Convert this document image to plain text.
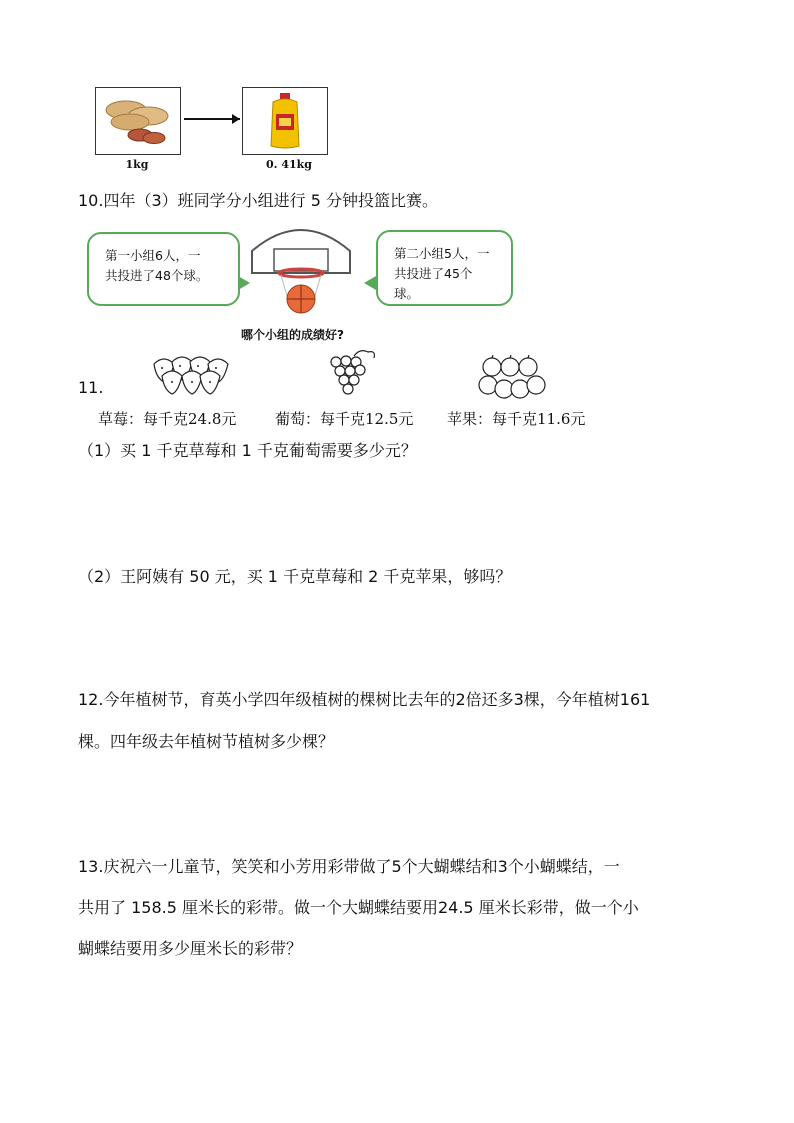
1kg	0. 41kg
10.四年（3）班同学分小组进行 5 分钟投篮比赛。
第一小组6人，一
共投进了48个球。
第二小组5人，一
共投进了45个球。
哪个小组的成绩好?
11.
草莓：每千克24.8元	葡萄：每千克12.5元 苹果：每千克11.6元
（1）买 1 千克草莓和 1 千克葡萄需要多少元？
（2）王阿姨有 50 元，买 1 千克草莓和 2 千克苹果，够吗？
12.今年植树节，育英小学四年级植树的棵树比去年的2倍还多3棵，今年植树161
棵。四年级去年植树节植树多少棵？
13.庆祝六一儿童节，笑笑和小芳用彩带做了5个大蝴蝶结和3个小蝴蝶结，一
共用了 158.5 厘米长的彩带。做一个大蝴蝶结要用24.5 厘米长彩带，做一个小
蝴蝶结要用多少厘米长的彩带？
